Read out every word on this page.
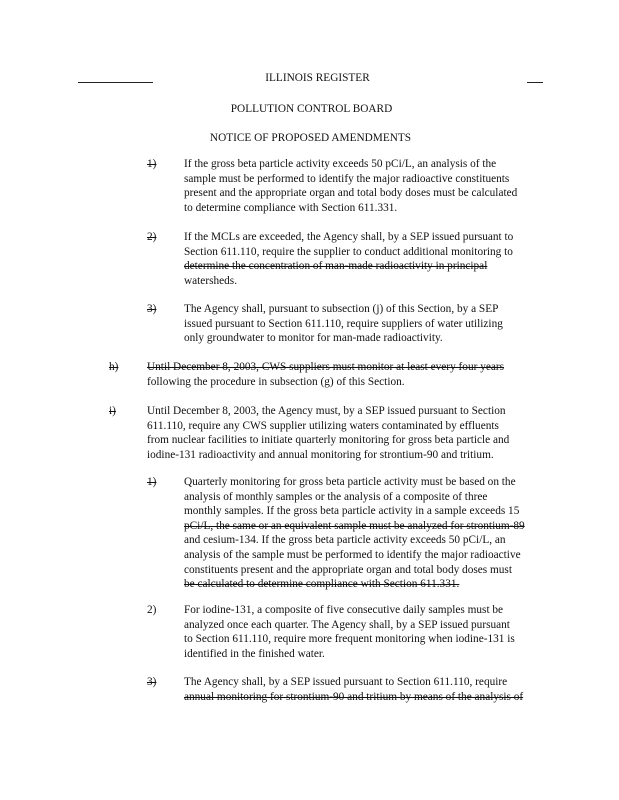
ILLINOIS REGISTER
POLLUTION CONTROL BOARD
NOTICE OF PROPOSED AMENDMENTS
1) If the gross beta particle activity exceeds 50 pCi/L, an analysis of the
sample must be performed to identify the major radioactive constituents
present and the appropriate organ and total body doses must be calculated
to determine compliance with Section 611.331.
2) If the MCLs are exceeded, the Agency shall, by a SEP issued pursuant to
Section 611.110, require the supplier to conduct additional monitoring to
determine the concentration of man-made radioactivity in principal
watersheds.
3) The Agency shall, pursuant to subsection (j) of this Section, by a SEP
issued pursuant to Section 611.110, require suppliers of water utilizing
only groundwater to monitor for man-made radioactivity.
h)	Until December 8, 2003, CWS suppliers must monitor at least every four years
following the procedure in subsection (g) of this Section.
i)	Until December 8, 2003, the Agency must, by a SEP issued pursuant to Section
611.110, require any CWS supplier utilizing waters contaminated by effluents
from nuclear facilities to initiate quarterly monitoring for gross beta particle and
iodine-131 radioactivity and annual monitoring for strontium-90 and tritium.
1) Quarterly monitoring for gross beta particle activity must be based on the
analysis of monthly samples or the analysis of a composite of three
monthly samples. If the gross beta particle activity in a sample exceeds 15
pCi/L, the same or an equivalent sample must be analyzed for strontium-89
and cesium-134. If the gross beta particle activity exceeds 50 pCi/L, an
analysis of the sample must be performed to identify the major radioactive
constituents present and the appropriate organ and total body doses must
be calculated to determine compliance with Section 611.331.
2) For iodine-131, a composite of five consecutive daily samples must be
analyzed once each quarter. The Agency shall, by a SEP issued pursuant
to Section 611.110, require more frequent monitoring when iodine-131 is
identified in the finished water.
3) The Agency shall, by a SEP issued pursuant to Section 611.110, require
annual monitoring for strontium-90 and tritium by means of the analysis of
